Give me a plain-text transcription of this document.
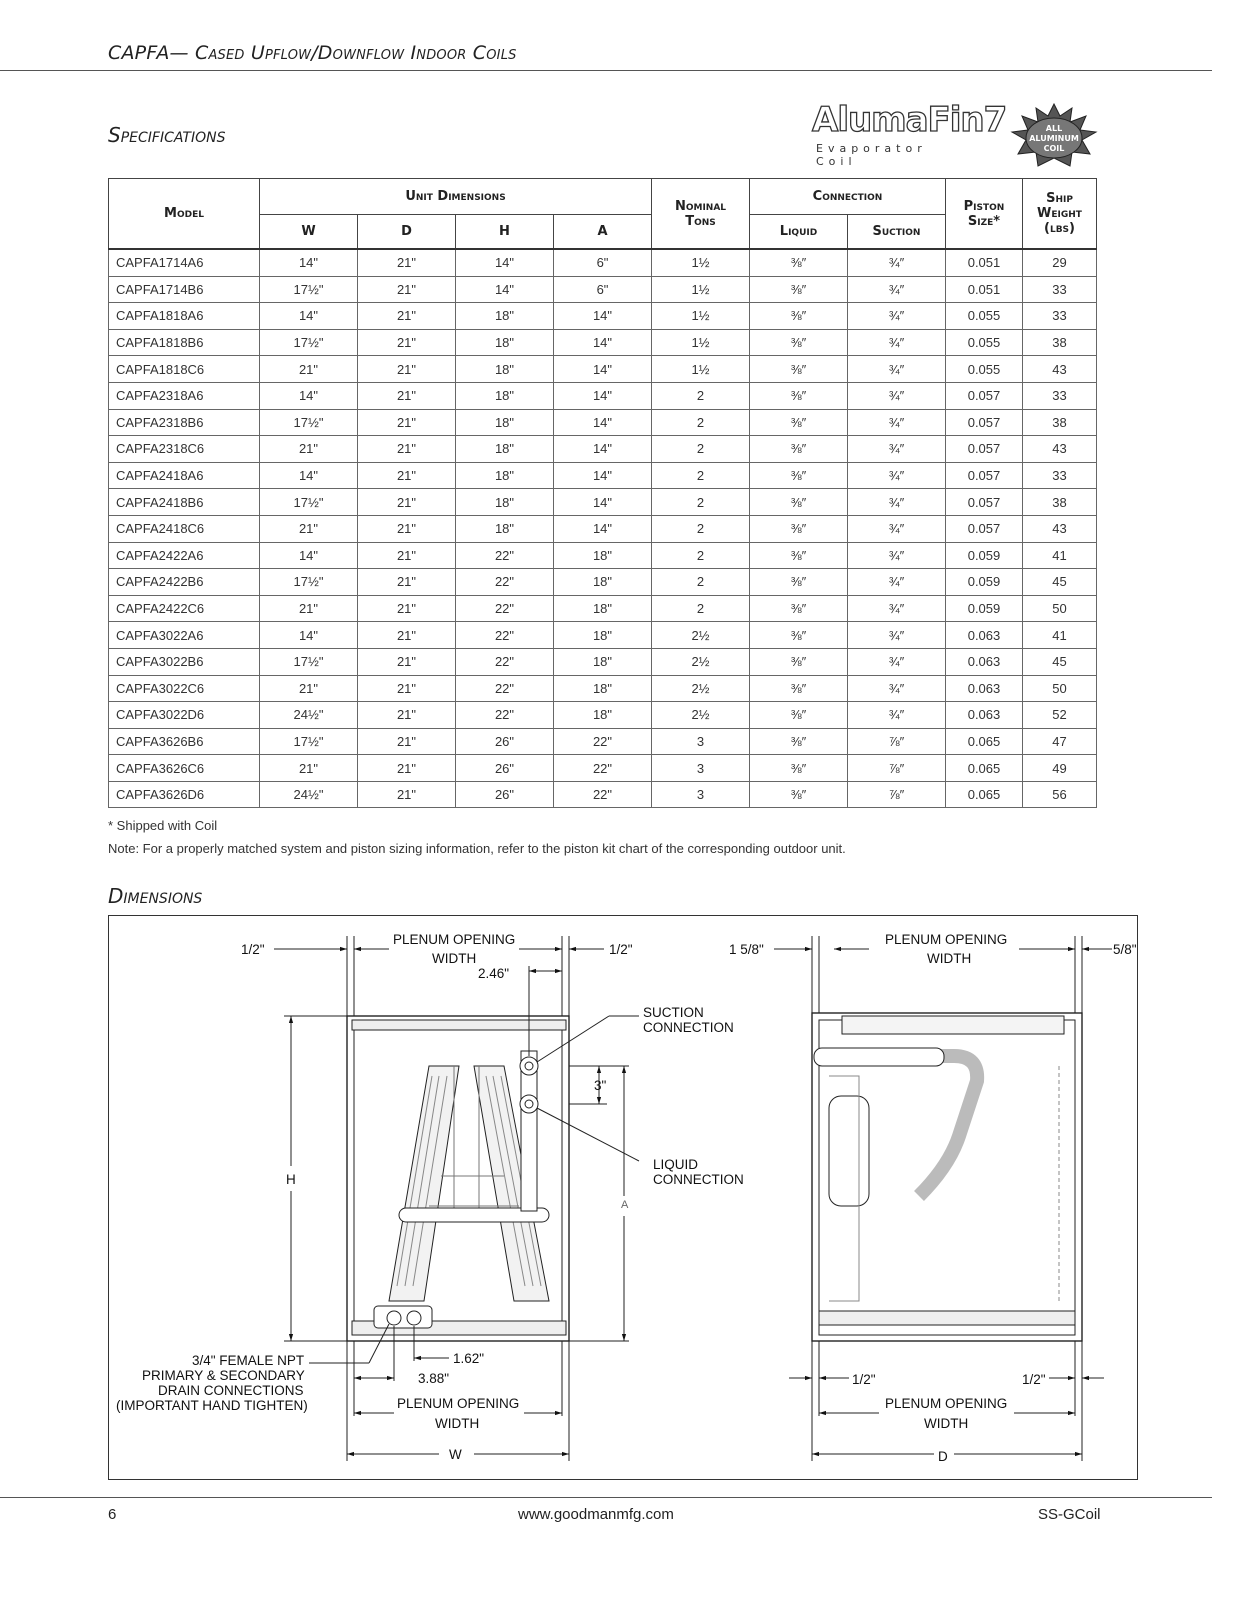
CAPFA— Cased Upflow/Downflow Indoor Coils
Specifications	AlumaFin7
Evaporator Coil
ALL
ALUMINUM
COIL
Model	Unit Dimensions				Nominal Tons	Connection		Piston Size*	Ship Weight (lbs)
	W	D	H	A		Liquid	Suction		
CAPFA1714A6	14"	21"	14"	6"	1½	⅜″	¾″	0.051	29
CAPFA1714B6	17½"	21"	14"	6"	1½	⅜″	¾″	0.051	33
CAPFA1818A6	14"	21"	18"	14"	1½	⅜″	¾″	0.055	33
CAPFA1818B6	17½"	21"	18"	14"	1½	⅜″	¾″	0.055	38
CAPFA1818C6	21"	21"	18"	14"	1½	⅜″	¾″	0.055	43
CAPFA2318A6	14"	21"	18"	14"	2	⅜″	¾″	0.057	33
CAPFA2318B6	17½"	21"	18"	14"	2	⅜″	¾″	0.057	38
CAPFA2318C6	21"	21"	18"	14"	2	⅜″	¾″	0.057	43
CAPFA2418A6	14"	21"	18"	14"	2	⅜″	¾″	0.057	33
CAPFA2418B6	17½"	21"	18"	14"	2	⅜″	¾″	0.057	38
CAPFA2418C6	21"	21"	18"	14"	2	⅜″	¾″	0.057	43
CAPFA2422A6	14"	21"	22"	18"	2	⅜″	¾″	0.059	41
CAPFA2422B6	17½"	21"	22"	18"	2	⅜″	¾″	0.059	45
CAPFA2422C6	21"	21"	22"	18"	2	⅜″	¾″	0.059	50
CAPFA3022A6	14"	21"	22"	18"	2½	⅜″	¾″	0.063	41
CAPFA3022B6	17½"	21"	22"	18"	2½	⅜″	¾″	0.063	45
CAPFA3022C6	21"	21"	22"	18"	2½	⅜″	¾″	0.063	50
CAPFA3022D6	24½"	21"	22"	18"	2½	⅜″	¾″	0.063	52
CAPFA3626B6	17½"	21"	26"	22"	3	⅜″	⅞″	0.065	47
CAPFA3626C6	21"	21"	26"	22"	3	⅜″	⅞″	0.065	49
CAPFA3626D6	24½"	21"	26"	22"	3	⅜″	⅞″	0.065	56
* Shipped with Coil
Note: For a properly matched system and piston sizing information, refer to the piston kit chart of the corresponding outdoor unit.
Dimensions
1/2"
PLENUM OPENING
WIDTH
1/2"
2.46"
SUCTION
CONNECTION
3"
LIQUID
CONNECTION
H
A
3/4" FEMALE NPT
PRIMARY & SECONDARY
DRAIN CONNECTIONS
(IMPORTANT HAND TIGHTEN)
1.62"
3.88"
PLENUM OPENING
WIDTH
W
1 5/8"
PLENUM OPENING
WIDTH
5/8"
1/2"	1/2"
PLENUM OPENING
WIDTH
D
6	www.goodmanmfg.com	SS-GCoil
